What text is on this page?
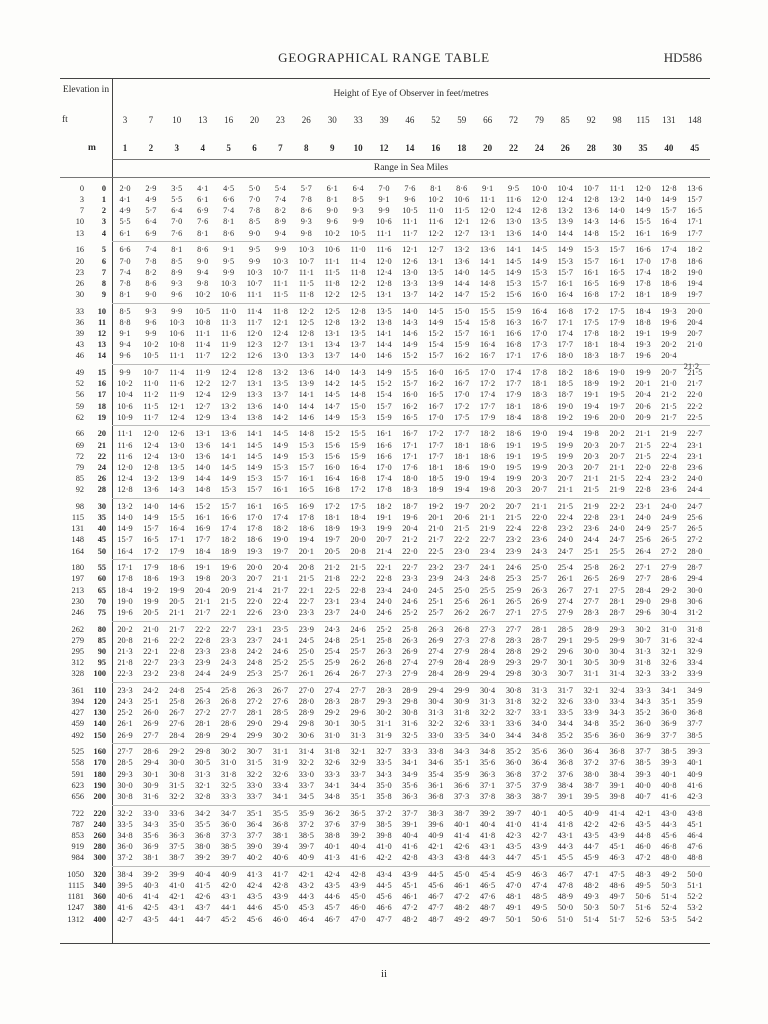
GEOGRAPHICAL RANGE TABLE	HD586
Elevation in
ft
m
Height of Eye of Observer in feet/metres
Range in Sea Miles
3	7	10	13	16	20	23	26	30	33	39	46	52	59	66	72	79	85	92	98	115	131	148
1	2	3	4	5	6	7	8	9	10	12	14	16	18	20	22	24	26	28	30	35	40	45
0	0	2·0	2·9	3·5	4·1	4·5	5·0	5·4	5·7	6·1	6·4	7·0	7·6	8·1	8·6	9·1	9·5	10·0	10·4	10·7	11·1	12·0	12·8	13·6
3	1	4·1	4·9	5·5	6·1	6·6	7·0	7·4	7·8	8·1	8·5	9·1	9·6	10·2	10·6	11·1	11·6	12·0	12·4	12·8	13·2	14·0	14·9	15·7
7	2	4·9	5·7	6·4	6·9	7·4	7·8	8·2	8·6	9·0	9·3	9·9	10·5	11·0	11·5	12·0	12·4	12·8	13·2	13·6	14·0	14·9	15·7	16·5
10	3	5·5	6·4	7·0	7·6	8·1	8·5	8·9	9·3	9·6	9·9	10·6	11·1	11·6	12·1	12·6	13·0	13·5	13·9	14·3	14·6	15·5	16·4	17·1
13	4	6·1	6·9	7·6	8·1	8·6	9·0	9·4	9·8	10·2	10·5	11·1	11·7	12·2	12·7	13·1	13·6	14·0	14·4	14·8	15·2	16·1	16·9	17·7
16	5	6·6	7·4	8·1	8·6	9·1	9·5	9·9	10·3	10·6	11·0	11·6	12·1	12·7	13·2	13·6	14·1	14·5	14·9	15·3	15·7	16·6	17·4	18·2
20	6	7·0	7·8	8·5	9·0	9·5	9·9	10·3	10·7	11·1	11·4	12·0	12·6	13·1	13·6	14·1	14·5	14·9	15·3	15·7	16·1	17·0	17·8	18·6
23	7	7·4	8·2	8·9	9·4	9·9	10·3	10·7	11·1	11·5	11·8	12·4	13·0	13·5	14·0	14·5	14·9	15·3	15·7	16·1	16·5	17·4	18·2	19·0
26	8	7·8	8·6	9·3	9·8	10·3	10·7	11·1	11·5	11·8	12·2	12·8	13·3	13·9	14·4	14·8	15·3	15·7	16·1	16·5	16·9	17·8	18·6	19·4
30	9	8·1	9·0	9·6	10·2	10·6	11·1	11·5	11·8	12·2	12·5	13·1	13·7	14·2	14·7	15·2	15·6	16·0	16·4	16·8	17·2	18·1	18·9	19·7
33	10	8·5	9·3	9·9	10·5	11·0	11·4	11·8	12·2	12·5	12·8	13·5	14·0	14·5	15·0	15·5	15·9	16·4	16·8	17·2	17·5	18·4	19·3	20·0
36	11	8·8	9·6	10·3	10·8	11·3	11·7	12·1	12·5	12·8	13·2	13·8	14·3	14·9	15·4	15·8	16·3	16·7	17·1	17·5	17·9	18·8	19·6	20·4
39	12	9·1	9·9	10·6	11·1	11·6	12·0	12·4	12·8	13·1	13·5	14·1	14·6	15·2	15·7	16·1	16·6	17·0	17·4	17·8	18·2	19·1	19·9	20·7
43	13	9·4	10·2	10·8	11·4	11·9	12·3	12·7	13·1	13·4	13·7	14·4	14·9	15·4	15·9	16·4	16·8	17·3	17·7	18·1	18·4	19·3	20·2	21·0
46	14	9·6	10·5	11·1	11·7	12·2	12·6	13·0	13·3	13·7	14·0	14·6	15·2	15·7	16·2	16·7	17·1	17·6	18·0	18·3	18·7	19·6	20·4
49	15	9·9	10·7	11·4	11·9	12·4	12·8	13·2	13·6	14·0	14·3	14·9	15·5	16·0	16·5	17·0	17·4	17·8	18·2	18·6	19·0	19·9	20·7	21·5
52	16	10·2	11·0	11·6	12·2	12·7	13·1	13·5	13·9	14·2	14·5	15·2	15·7	16·2	16·7	17·2	17·7	18·1	18·5	18·9	19·2	20·1	21·0	21·7
56	17	10·4	11·2	11·9	12·4	12·9	13·3	13·7	14·1	14·5	14·8	15·4	16·0	16·5	17·0	17·4	17·9	18·3	18·7	19·1	19·5	20·4	21·2	22·0
59	18	10·6	11·5	12·1	12·7	13·2	13·6	14·0	14·4	14·7	15·0	15·7	16·2	16·7	17·2	17·7	18·1	18·6	19·0	19·4	19·7	20·6	21·5	22·2
62	19	10·9	11·7	12·4	12·9	13·4	13·8	14·2	14·6	14·9	15·3	15·9	16·5	17·0	17·5	17·9	18·4	18·8	19·2	19·6	20·0	20·9	21·7	22·5
66	20	11·1	12·0	12·6	13·1	13·6	14·1	14·5	14·8	15·2	15·5	16·1	16·7	17·2	17·7	18·2	18·6	19·0	19·4	19·8	20·2	21·1	21·9	22·7
69	21	11·6	12·4	13·0	13·6	14·1	14·5	14·9	15·3	15·6	15·9	16·6	17·1	17·7	18·1	18·6	19·1	19·5	19·9	20·3	20·7	21·5	22·4	23·1
72	22	11·6	12·4	13·0	13·6	14·1	14·5	14·9	15·3	15·6	15·9	16·6	17·1	17·7	18·1	18·6	19·1	19·5	19·9	20·3	20·7	21·5	22·4	23·1
79	24	12·0	12·8	13·5	14·0	14·5	14·9	15·3	15·7	16·0	16·4	17·0	17·6	18·1	18·6	19·0	19·5	19·9	20·3	20·7	21·1	22·0	22·8	23·6
85	26	12·4	13·2	13·9	14·4	14·9	15·3	15·7	16·1	16·4	16·8	17·4	18·0	18·5	19·0	19·4	19·9	20·3	20·7	21·1	21·5	22·4	23·2	24·0
92	28	12·8	13·6	14·3	14·8	15·3	15·7	16·1	16·5	16·8	17·2	17·8	18·3	18·9	19·4	19·8	20·3	20·7	21·1	21·5	21·9	22·8	23·6	24·4
98	30	13·2	14·0	14·6	15·2	15·7	16·1	16·5	16·9	17·2	17·5	18·2	18·7	19·2	19·7	20·2	20·7	21·1	21·5	21·9	22·2	23·1	24·0	24·7
115	35	14·0	14·9	15·5	16·1	16·6	17·0	17·4	17·8	18·1	18·4	19·1	19·6	20·1	20·6	21·1	21·5	22·0	22·4	22·8	23·1	24·0	24·9	25·6
131	40	14·9	15·7	16·4	16·9	17·4	17·8	18·2	18·6	18·9	19·3	19·9	20·4	21·0	21·5	21·9	22·4	22·8	23·2	23·6	24·0	24·9	25·7	26·5
148	45	15·7	16·5	17·1	17·7	18·2	18·6	19·0	19·4	19·7	20·0	20·7	21·2	21·7	22·2	22·7	23·2	23·6	24·0	24·4	24·7	25·6	26·5	27·2
164	50	16·4	17·2	17·9	18·4	18·9	19·3	19·7	20·1	20·5	20·8	21·4	22·0	22·5	23·0	23·4	23·9	24·3	24·7	25·1	25·5	26·4	27·2	28·0
180	55	17·1	17·9	18·6	19·1	19·6	20·0	20·4	20·8	21·2	21·5	22·1	22·7	23·2	23·7	24·1	24·6	25·0	25·4	25·8	26·2	27·1	27·9	28·7
197	60	17·8	18·6	19·3	19·8	20·3	20·7	21·1	21·5	21·8	22·2	22·8	23·3	23·9	24·3	24·8	25·3	25·7	26·1	26·5	26·9	27·7	28·6	29·4
213	65	18·4	19·2	19·9	20·4	20·9	21·4	21·7	22·1	22·5	22·8	23·4	24·0	24·5	25·0	25·5	25·9	26·3	26·7	27·1	27·5	28·4	29·2	30·0
230	70	19·0	19·9	20·5	21·1	21·5	22·0	22·4	22·7	23·1	23·4	24·0	24·6	25·1	25·6	26·1	26·5	26·9	27·4	27·7	28·1	29·0	29·8	30·6
246	75	19·6	20·5	21·1	21·7	22·1	22·6	23·0	23·3	23·7	24·0	24·6	25·2	25·7	26·2	26·7	27·1	27·5	27·9	28·3	28·7	29·6	30·4	31·2
262	80	20·2	21·0	21·7	22·2	22·7	23·1	23·5	23·9	24·3	24·6	25·2	25·8	26·3	26·8	27·3	27·7	28·1	28·5	28·9	29·3	30·2	31·0	31·8
279	85	20·8	21·6	22·2	22·8	23·3	23·7	24·1	24·5	24·8	25·1	25·8	26·3	26·9	27·3	27·8	28·3	28·7	29·1	29·5	29·9	30·7	31·6	32·4
295	90	21·3	22·1	22·8	23·3	23·8	24·2	24·6	25·0	25·4	25·7	26·3	26·9	27·4	27·9	28·4	28·8	29·2	29·6	30·0	30·4	31·3	32·1	32·9
312	95	21·8	22·7	23·3	23·9	24·3	24·8	25·2	25·5	25·9	26·2	26·8	27·4	27·9	28·4	28·9	29·3	29·7	30·1	30·5	30·9	31·8	32·6	33·4
328	100	22·3	23·2	23·8	24·4	24·9	25·3	25·7	26·1	26·4	26·7	27·3	27·9	28·4	28·9	29·4	29·8	30·3	30·7	31·1	31·4	32·3	33·2	33·9
361	110	23·3	24·2	24·8	25·4	25·8	26·3	26·7	27·0	27·4	27·7	28·3	28·9	29·4	29·9	30·4	30·8	31·3	31·7	32·1	32·4	33·3	34·1	34·9
394	120	24·3	25·1	25·8	26·3	26·8	27·2	27·6	28·0	28·3	28·7	29·3	29·8	30·4	30·9	31·3	31·8	32·2	32·6	33·0	33·4	34·3	35·1	35·9
427	130	25·2	26·0	26·7	27·2	27·7	28·1	28·5	28·9	29·2	29·6	30·2	30·8	31·3	31·8	32·2	32·7	33·1	33·5	33·9	34·3	35·2	36·0	36·8
459	140	26·1	26·9	27·6	28·1	28·6	29·0	29·4	29·8	30·1	30·5	31·1	31·6	32·2	32·6	33·1	33·6	34·0	34·4	34·8	35·2	36·0	36·9	37·7
492	150	26·9	27·7	28·4	28·9	29·4	29·9	30·2	30·6	31·0	31·3	31·9	32·5	33·0	33·5	34·0	34·4	34·8	35·2	35·6	36·0	36·9	37·7	38·5
525	160	27·7	28·6	29·2	29·8	30·2	30·7	31·1	31·4	31·8	32·1	32·7	33·3	33·8	34·3	34·8	35·2	35·6	36·0	36·4	36·8	37·7	38·5	39·3
558	170	28·5	29·4	30·0	30·5	31·0	31·5	31·9	32·2	32·6	32·9	33·5	34·1	34·6	35·1	35·6	36·0	36·4	36·8	37·2	37·6	38·5	39·3	40·1
591	180	29·3	30·1	30·8	31·3	31·8	32·2	32·6	33·0	33·3	33·7	34·3	34·9	35·4	35·9	36·3	36·8	37·2	37·6	38·0	38·4	39·3	40·1	40·9
623	190	30·0	30·9	31·5	32·1	32·5	33·0	33·4	33·7	34·1	34·4	35·0	35·6	36·1	36·6	37·1	37·5	37·9	38·4	38·7	39·1	40·0	40·8	41·6
656	200	30·8	31·6	32·2	32·8	33·3	33·7	34·1	34·5	34·8	35·1	35·8	36·3	36·8	37·3	37·8	38·3	38·7	39·1	39·5	39·8	40·7	41·6	42·3
722	220	32·2	33·0	33·6	34·2	34·7	35·1	35·5	35·9	36·2	36·5	37·2	37·7	38·3	38·7	39·2	39·7	40·1	40·5	40·9	41·4	42·1	43·0	43·8
787	240	33·5	34·3	35·0	35·5	36·0	36·4	36·8	37·2	37·6	37·9	38·5	39·1	39·6	40·1	40·4	41·0	41·4	41·8	42·2	42·6	43·5	44·3	45·1
853	260	34·8	35·6	36·3	36·8	37·3	37·7	38·1	38·5	38·8	39·2	39·8	40·4	40·9	41·4	41·8	42·3	42·7	43·1	43·5	43·9	44·8	45·6	46·4
919	280	36·0	36·9	37·5	38·0	38·5	39·0	39·4	39·7	40·1	40·4	41·0	41·6	42·1	42·6	43·1	43·5	43·9	44·3	44·7	45·1	46·0	46·8	47·6
984	300	37·2	38·1	38·7	39·2	39·7	40·2	40·6	40·9	41·3	41·6	42·2	42·8	43·3	43·8	44·3	44·7	45·1	45·5	45·9	46·3	47·2	48·0	48·8
1050	320	38·4	39·2	39·9	40·4	40·9	41·3	41·7	42·1	42·4	42·8	43·4	43·9	44·5	45·0	45·4	45·9	46·3	46·7	47·1	47·5	48·3	49·2	50·0
1115	340	39·5	40·3	41·0	41·5	42·0	42·4	42·8	43·2	43·5	43·9	44·5	45·1	45·6	46·1	46·5	47·0	47·4	47·8	48·2	48·6	49·5	50·3	51·1
1181	360	40·6	41·4	42·1	42·6	43·1	43·5	43·9	44·3	44·6	45·0	45·6	46·1	46·7	47·2	47·6	48·1	48·5	48·9	49·3	49·7	50·6	51·4	52·2
1247	380	41·6	42·5	43·1	43·7	44·1	44·6	45·0	45·3	45·7	46·0	46·6	47·2	47·7	48·2	48·7	49·1	49·5	50·0	50·3	50·7	51·6	52·4	53·2
1312	400	42·7	43·5	44·1	44·7	45·2	45·6	46·0	46·4	46·7	47·0	47·7	48·2	48·7	49·2	49·7	50·1	50·6	51·0	51·4	51·7	52·6	53·5	54·2
21·2
ii
